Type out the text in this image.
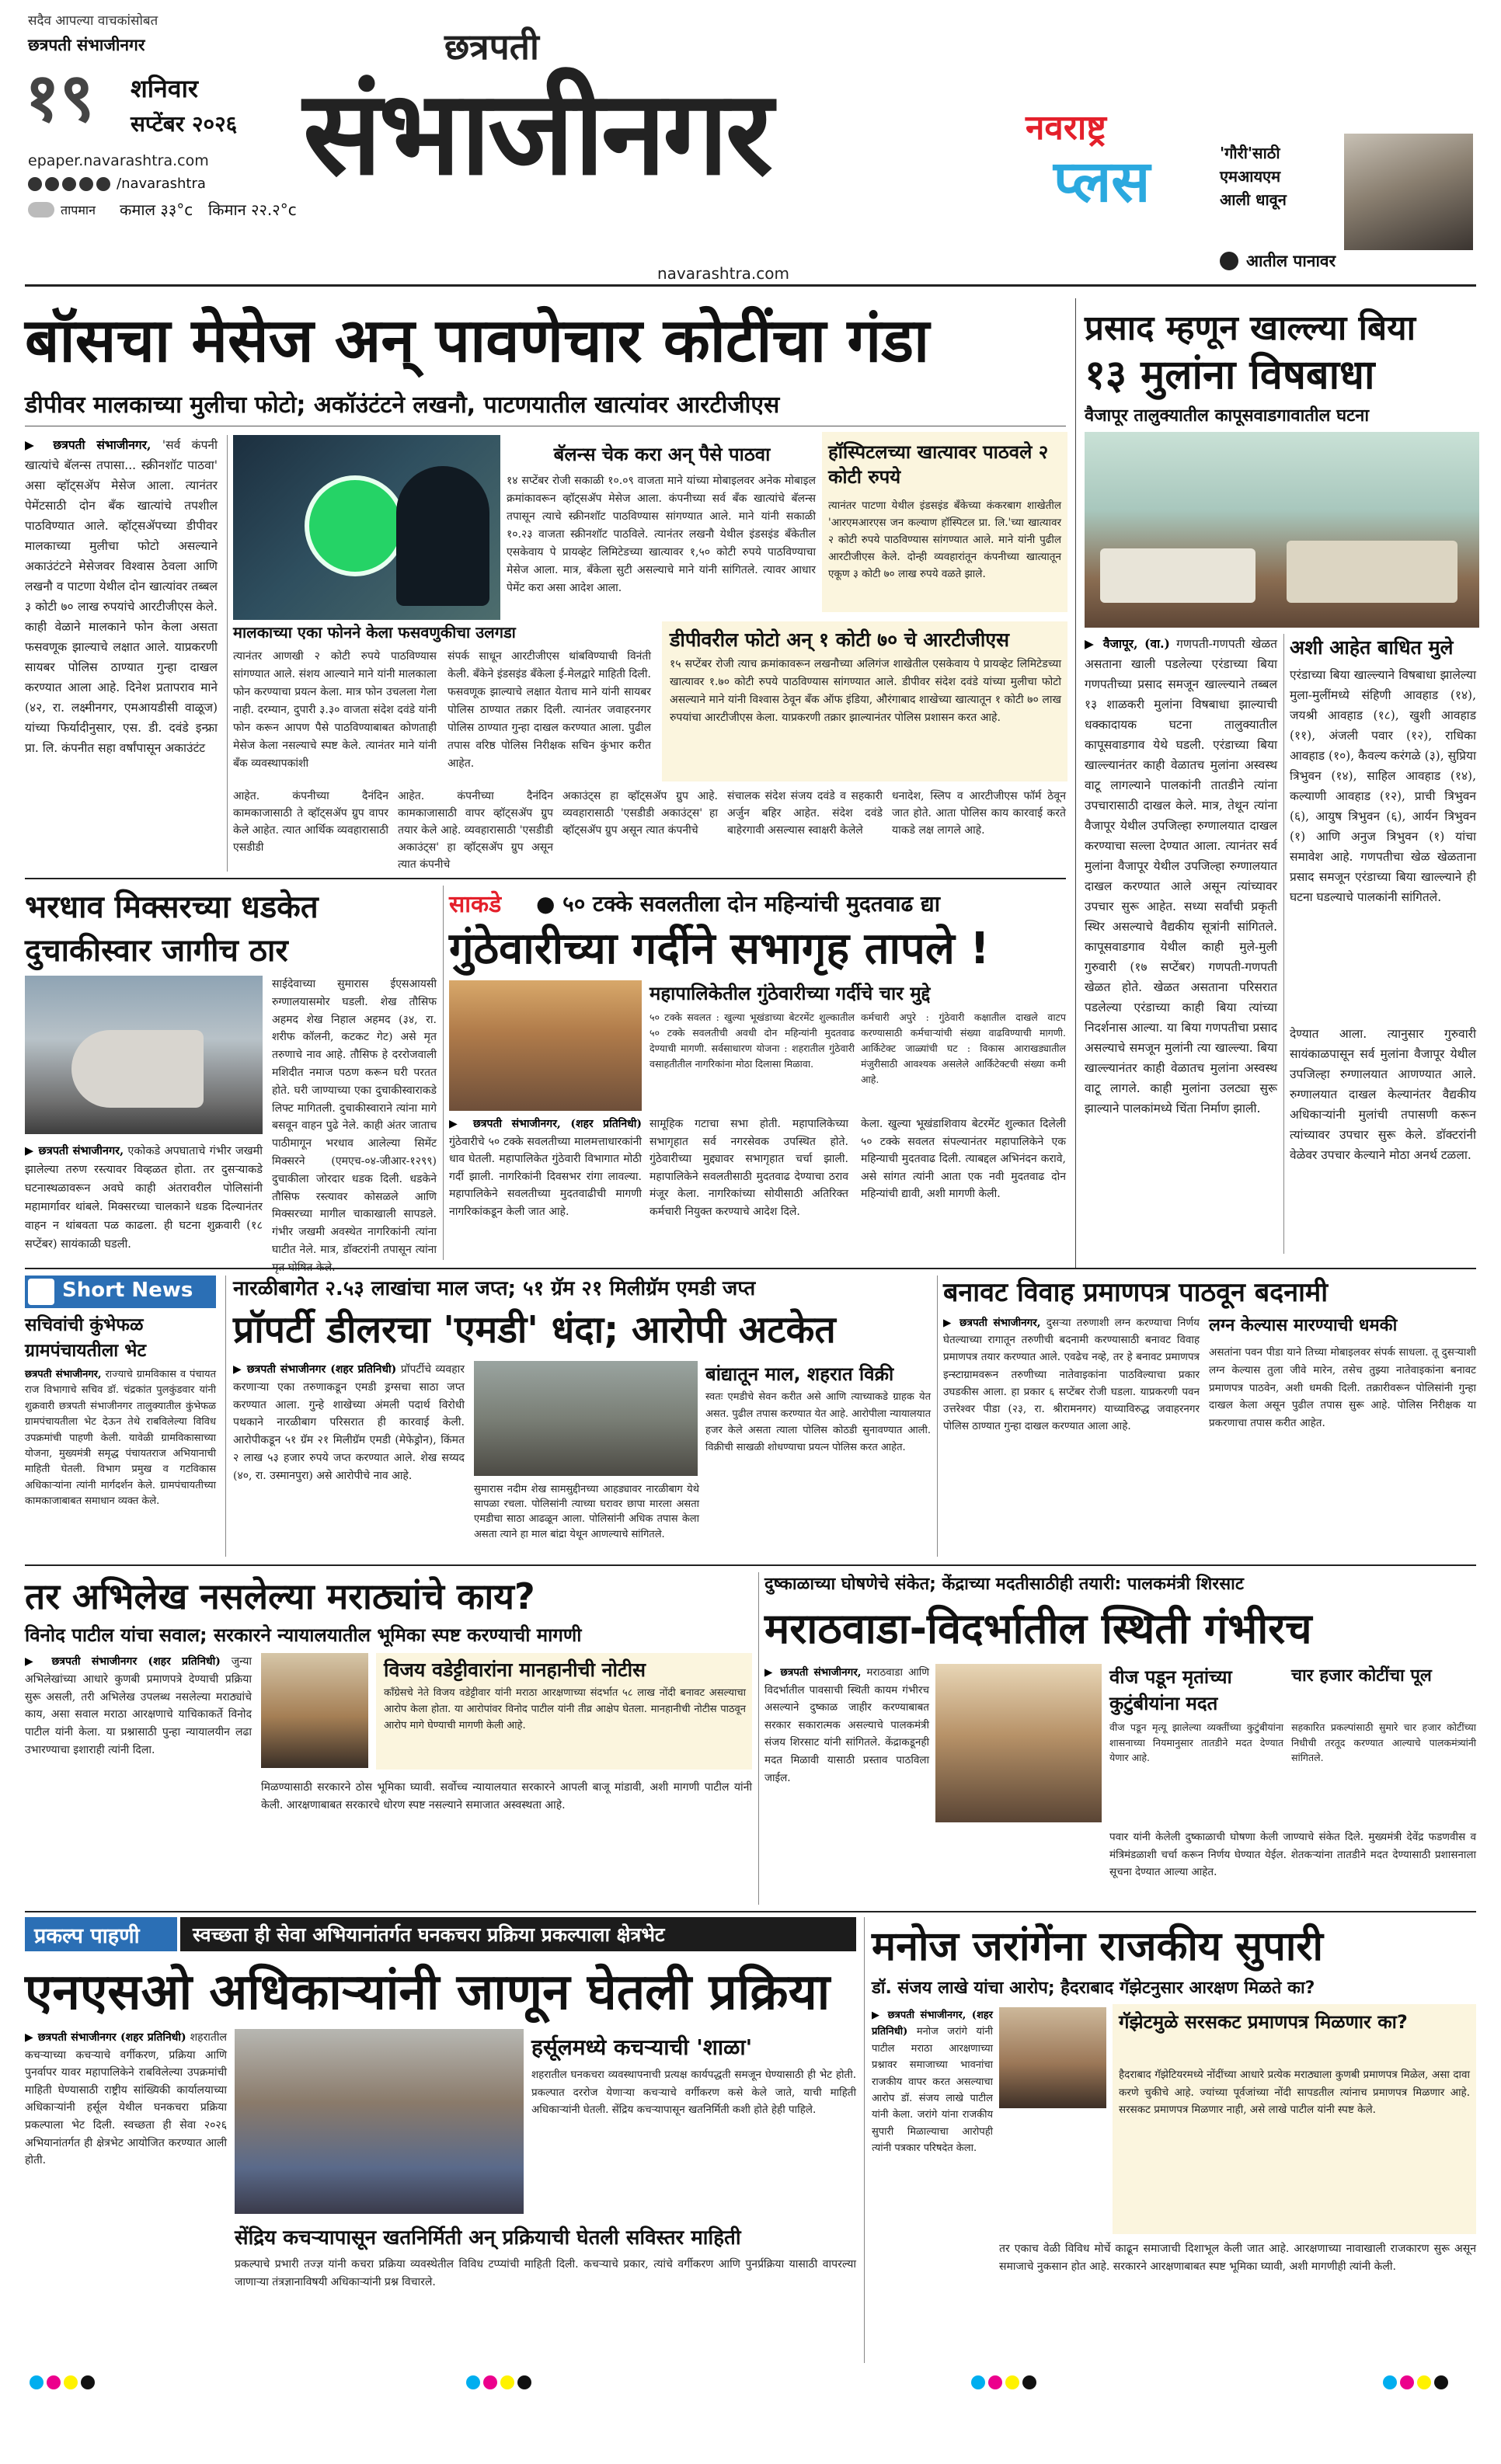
सदैव आपल्या वाचकांसोबत
छत्रपती संभाजीनगर
१९ शनिवार
सप्टेंबर २०२६
epaper.navarashtra.com
/navarashtra
तापमान कमाल ३३°c किमान २२.२°c
छत्रपती
संभाजीनगर
navarashtra.com
नवराष्ट्र
प्लस	'गौरी'साठी एमआयएम आली धावून
आतील पानावर
बॉसचा मेसेज अन् पावणेचार कोटींचा गंडा
डीपीवर मालकाच्या मुलीचा फोटो; अकॉउंटंटने लखनौ, पाटणयातील खात्यांवर आरटीजीएस
▶ छत्रपती संभाजीनगर, 'सर्व कंपनी खात्यांचे बॅलन्स तपासा... स्क्रीनशॉट पाठवा' असा व्हॉट्सॲप मेसेज आला. त्यानंतर पेमेंटसाठी दोन बँक खात्यांचे तपशील पाठविण्यात आले. व्हॉट्सॲपच्या डीपीवर मालकाच्या मुलीचा फोटो असल्याने अकाउंटंटने मेसेजवर विश्वास ठेवला आणि लखनौ व पाटणा येथील दोन खात्यांवर तब्बल ३ कोटी ७० लाख रुपयांचे आरटीजीएस केले. काही वेळाने मालकाने फोन केला असता फसवणूक झाल्याचे लक्षात आले. याप्रकरणी सायबर पोलिस ठाण्यात गुन्हा दाखल करण्यात आला आहे. दिनेश प्रतापराव माने (४२, रा. लक्ष्मीनगर, एमआयडीसी वाळूज) यांच्या फिर्यादीनुसार, एस. डी. दवंडे इन्फ्रा प्रा. लि. कंपनीत सहा वर्षांपासून अकाउंटंट
मालकाच्या एका फोनने केला फसवणुकीचा उलगडा
बॅलन्स चेक करा अन् पैसे पाठवा
१४ सप्टेंबर रोजी सकाळी १०.०९ वाजता माने यांच्या मोबाइलवर अनेक मोबाइल क्रमांकावरून व्हॉट्सॲप मेसेज आला. कंपनीच्या सर्व बँक खात्यांचे बॅलन्स तपासून त्याचे स्क्रीनशॉट पाठविण्यास सांगण्यात आले. माने यांनी सकाळी १०.२३ वाजता स्क्रीनशॉट पाठविले. त्यानंतर लखनौ येथील इंडसइंड बँकेतील एसकेवाय पे प्रायव्हेट लिमिटेडच्या खात्यावर १,५० कोटी रुपये पाठविण्याचा मेसेज आला. मात्र, बँकेला सुटी असल्याचे माने यांनी सांगितले. त्यावर आधार पेमेंट करा असा आदेश आला.
हॉस्पिटलच्या खात्यावर पाठवले २ कोटी रुपये
त्यानंतर पाटणा येथील इंडसइंड बँकेच्या कंकरबाग शाखेतील 'आरएमआरएस जन कल्याण हॉस्पिटल प्रा. लि.'च्या खात्यावर २ कोटी रुपये पाठविण्यास सांगण्यात आले. माने यांनी पुढील आरटीजीएस केले. दोन्ही व्यवहारांतून कंपनीच्या खात्यातून एकूण ३ कोटी ७० लाख रुपये वळते झाले.
त्यानंतर आणखी २ कोटी रुपये पाठविण्यास सांगण्यात आले. संशय आल्याने माने यांनी मालकाला फोन करण्याचा प्रयत्न केला. मात्र फोन उचलला गेला नाही. दरम्यान, दुपारी ३.३० वाजता संदेश दवंडे यांनी फोन करून आपण पैसे पाठविण्याबाबत कोणताही मेसेज केला नसल्याचे स्पष्ट केले. त्यानंतर माने यांनी बँक व्यवस्थापकांशी
संपर्क साधून आरटीजीएस थांबविण्याची विनंती केली. बँकेने इंडसइंड बँकेला ई-मेलद्वारे माहिती दिली. फसवणूक झाल्याचे लक्षात येताच माने यांनी सायबर पोलिस ठाण्यात तक्रार दिली. त्यानंतर जवाहरनगर पोलिस ठाण्यात गुन्हा दाखल करण्यात आला. पुढील तपास वरिष्ठ पोलिस निरीक्षक सचिन कुंभार करीत आहेत.
डीपीवरील फोटो अन् १ कोटी ७० चे आरटीजीएस
१५ सप्टेंबर रोजी त्याच क्रमांकावरून लखनौच्या अलिगंज शाखेतील एसकेवाय पे प्रायव्हेट लिमिटेडच्या खात्यावर १.७० कोटी रुपये पाठविण्यास सांगण्यात आले. डीपीवर संदेश दवंडे यांच्या मुलीचा फोटो असल्याने माने यांनी विश्वास ठेवून बँक ऑफ इंडिया, औरंगाबाद शाखेच्या खात्यातून १ कोटी ७० लाख रुपयांचा आरटीजीएस केला. याप्रकरणी तक्रार झाल्यानंतर पोलिस प्रशासन करत आहे.
आहेत. कंपनीच्या दैनंदिन कामकाजासाठी ते व्हॉट्सॲप ग्रुप वापर केले आहेत. त्यात आर्थिक व्यवहारासाठी एसडीडी
आहेत. कंपनीच्या दैनंदिन कामकाजासाठी वापर व्हॉट्सॲप ग्रुप तयार केले आहे. व्यवहारासाठी 'एसडीडी अकाउंट्स' हा व्हॉट्सॲप ग्रुप असून त्यात कंपनीचे
अकाउंट्स हा व्हॉट्सॲप ग्रुप आहे. व्यवहारासाठी 'एसडीडी अकाउंट्स' हा व्हॉट्सॲप ग्रुप असून त्यात कंपनीचे
संचालक संदेश संजय दवंडे व सहकारी अर्जुन बहिर आहेत. संदेश दवंडे बाहेरगावी असल्यास स्वाक्षरी केलेले
धनादेश, स्लिप व आरटीजीएस फॉर्म ठेवून जात होते. आता पोलिस काय कारवाई करते याकडे लक्ष लागले आहे.
प्रसाद म्हणून खाल्ल्या बिया
१३ मुलांना विषबाधा
वैजापूर तालुक्यातील कापूसवाडगावातील घटना
▶ वैजापूर, (वा.) गणपती-गणपती खेळत असताना खाली पडलेल्या एरंडाच्या बिया गणपतीच्या प्रसाद समजून खाल्ल्याने तब्बल १३ शाळकरी मुलांना विषबाधा झाल्याची धक्कादायक घटना तालुक्यातील कापूसवाडगाव येथे घडली. एरंडाच्या बिया खाल्ल्यानंतर काही वेळातच मुलांना अस्वस्थ वाटू लागल्याने पालकांनी तातडीने त्यांना उपचारासाठी दाखल केले. मात्र, तेथून त्यांना वैजापूर येथील उपजिल्हा रुग्णालयात दाखल करण्याचा सल्ला देण्यात आला. त्यानंतर सर्व मुलांना वैजापूर येथील उपजिल्हा रुग्णालयात दाखल करण्यात आले असून त्यांच्यावर उपचार सुरू आहेत. सध्या सर्वांची प्रकृती स्थिर असल्याचे वैद्यकीय सूत्रांनी सांगितले. कापूसवाडगाव येथील काही मुले-मुली गुरुवारी (१७ सप्टेंबर) गणपती-गणपती खेळत होते. खेळत असताना परिसरात पडलेल्या एरंडाच्या काही बिया त्यांच्या निदर्शनास आल्या. या बिया गणपतीचा प्रसाद असल्याचे समजून मुलांनी त्या खाल्ल्या. बिया खाल्ल्यानंतर काही वेळातच मुलांना अस्वस्थ वाटू लागले. काही मुलांना उलट्या सुरू झाल्याने पालकांमध्ये चिंता निर्माण झाली.
अशी आहेत बाधित मुले
एरंडाच्या बिया खाल्ल्याने विषबाधा झालेल्या मुला-मुलींमध्ये संहिणी आवहाड (१४), जयश्री आवहाड (१८), खुशी आवहाड (११), अंजली पवार (१२), राधिका आवहाड (१०), कैवल्य करंगळे (३), सुप्रिया त्रिभुवन (१४), साहिल आवहाड (१४), कल्याणी आवहाड (१२), प्राची त्रिभुवन (६), आयुष त्रिभुवन (६), आर्यन त्रिभुवन (१) आणि अनुज त्रिभुवन (१) यांचा समावेश आहे. गणपतीचा खेळ खेळताना प्रसाद समजून एरंडाच्या बिया खाल्ल्याने ही घटना घडल्याचे पालकांनी सांगितले.
देण्यात आला. त्यानुसार गुरुवारी सायंकाळपासून सर्व मुलांना वैजापूर येथील उपजिल्हा रुग्णालयात आणण्यात आले. रुग्णालयात दाखल केल्यानंतर वैद्यकीय अधिकाऱ्यांनी मुलांची तपासणी करून त्यांच्यावर उपचार सुरू केले. डॉक्टरांनी वेळेवर उपचार केल्याने मोठा अनर्थ टळला.
भरधाव मिक्सरच्या धडकेत
दुचाकीस्वार जागीच ठार
▶ छत्रपती संभाजीनगर, एकोकडे अपघाताचे गंभीर जखमी झालेल्या तरुण रस्त्यावर विव्हळत होता. तर दुसऱ्याकडे घटनास्थळावरून अवघे काही अंतरावरील पोलिसांनी महामार्गावर थांबले. मिक्सरच्या चालकाने धडक दिल्यानंतर वाहन न थांबवता पळ काढला. ही घटना शुक्रवारी (१८ सप्टेंबर) सायंकाळी घडली.
साईदेवाच्या सुमारास ईएसआयसी रुग्णालयासमोर घडली. शेख तौसिफ अहमद शेख निहाल अहमद (३४, रा. शरीफ कॉलनी, कटकट गेट) असे मृत तरुणाचे नाव आहे. तौसिफ हे दररोजवाली मशिदीत नमाज पठण करून घरी परतत होते. घरी जाण्याच्या एका दुचाकीस्वाराकडे लिफ्ट मागितली. दुचाकीस्वाराने त्यांना मागे बसवून वाहन पुढे नेले. काही अंतर जाताच पाठीमागून भरधाव आलेल्या सिमेंट मिक्सरने (एमएच-०४-जीआर-१२९९) दुचाकीला जोरदार धडक दिली. धडकेने तौसिफ रस्त्यावर कोसळले आणि मिक्सरच्या मागील चाकाखाली सापडले. गंभीर जखमी अवस्थेत नागरिकांनी त्यांना घाटीत नेले. मात्र, डॉक्टरांनी तपासून त्यांना
साकडे ● ५० टक्के सवलतीला दोन महिन्यांची मुदतवाढ द्या
गुंठेवारीच्या गर्दीने सभागृह तापले !
महापालिकेतील गुंठेवारीच्या गर्दीचे चार मुद्दे
५० टक्के सवलत : खुल्या भूखंडाच्या बेटरमेंट शुल्कातील ५० टक्के सवलतीची अवधी दोन महिन्यांनी मुदतवाढ देण्याची मागणी. सर्वसाधारण योजना : शहरातील गुंठेवारी वसाहतीतील नागरिकांना मोठा दिलासा मिळावा.
कर्मचारी अपुरे : गुंठेवारी कक्षातील दाखले वाटप करण्यासाठी कर्मचाऱ्यांची संख्या वाढविण्याची मागणी. आर्किटेक्ट जाळ्यांची घट : विकास आराखड्यातील मंजुरीसाठी आवश्यक असलेले आर्किटेक्टची संख्या कमी आहे.
▶ छत्रपती संभाजीनगर, (शहर प्रतिनिधी) गुंठेवारीचे ५० टक्के सवलतीच्या मालमत्ताधारकांनी धाव घेतली. महापालिकेत गुंठेवारी विभागात मोठी गर्दी झाली. नागरिकांनी दिवसभर रांगा लावल्या. महापालिकेने सवलतीच्या मुदतवाढीची मागणी नागरिकांकडून केली जात आहे.
सामूहिक गटाचा सभा होती. महापालिकेच्या सभागृहात सर्व नगरसेवक उपस्थित होते. गुंठेवारीच्या मुद्द्यावर सभागृहात चर्चा झाली. महापालिकेने सवलतीसाठी मुदतवाढ देण्याचा ठराव मंजूर केला. नागरिकांच्या सोयीसाठी अतिरिक्त कर्मचारी नियुक्त करण्याचे आदेश दिले.
केला. खुल्या भूखंडाशिवाय बेटरमेंट शुल्कात दिलेली ५० टक्के सवलत संपल्यानंतर महापालिकेने एक महिन्याची मुदतवाढ दिली. त्याबद्दल अभिनंदन करावे, असे सांगत त्यांनी आता एक नवी मुदतवाढ दोन महिन्यांची द्यावी, अशी मागणी केली.
Short News
सचिवांची कुंभेफळ ग्रामपंचायतीला भेट
छत्रपती संभाजीनगर, राज्याचे ग्रामविकास व पंचायत राज विभागाचे सचिव डॉ. चंद्रकांत पुलकुंडवार यांनी शुक्रवारी छत्रपती संभाजीनगर तालुक्यातील कुंभेफळ ग्रामपंचायतीला भेट देऊन तेथे राबविलेल्या विविध उपक्रमांची पाहणी केली. यावेळी ग्रामविकासाच्या योजना, मुख्यमंत्री समृद्ध पंचायतराज अभियानाची माहिती घेतली. विभाग प्रमुख व गटविकास अधिकाऱ्यांना त्यांनी मार्गदर्शन केले. ग्रामपंचायतीच्या कामकाजाबाबत समाधान व्यक्त केले.
नारळीबागेत २.५३ लाखांचा माल जप्त; ५१ ग्रॅम २१ मिलीग्रॅम एमडी जप्त
प्रॉपर्टी डीलरचा 'एमडी' धंदा; आरोपी अटकेत
▶ छत्रपती संभाजीनगर (शहर प्रतिनिधी) प्रॉपर्टीचे व्यवहार करणाऱ्या एका तरुणाकडून एमडी ड्रग्सचा साठा जप्त करण्यात आला. गुन्हे शाखेच्या अंमली पदार्थ विरोधी पथकाने नारळीबाग परिसरात ही कारवाई केली. आरोपीकडून ५१ ग्रॅम २१ मिलीग्रॅम एमडी (मेफेड्रोन), किंमत २ लाख ५३ हजार रुपये जप्त करण्यात आले. शेख सय्यद (४०, रा. उस्मानपुरा) असे आरोपीचे नाव आहे.
बांद्यातून माल, शहरात विक्री
सुमारास नदीम शेख सामसुद्दीनच्या आहड्यावर नारळीबाग येथे सापळा रचला. पोलिसांनी त्याच्या घरावर छापा मारला असता एमडीचा साठा आढळून आला. पोलिसांनी अधिक तपास केला असता त्याने हा माल बांद्रा येथून आणल्याचे सांगितले.
स्वतः एमडीचे सेवन करीत असे आणि त्याच्याकडे ग्राहक येत असत. पुढील तपास करण्यात येत आहे. आरोपीला न्यायालयात हजर केले असता त्याला पोलिस कोठडी सुनावण्यात आली. विक्रीची साखळी शोधण्याचा प्रयत्न पोलिस करत आहेत.
बनावट विवाह प्रमाणपत्र पाठवून बदनामी
▶ छत्रपती संभाजीनगर, दुसऱ्या तरुणाशी लग्न करण्याचा निर्णय घेतल्याच्या रागातून तरुणीची बदनामी करण्यासाठी बनावट विवाह प्रमाणपत्र तयार करण्यात आले. एवढेच नव्हे, तर हे बनावट प्रमाणपत्र इन्स्टाग्रामवरून तरुणीच्या नातेवाइकांना पाठविल्याचा प्रकार उघडकीस आला. हा प्रकार ६ सप्टेंबर रोजी घडला. याप्रकरणी पवन उत्तरेश्वर पीडा (२३, रा. श्रीरामनगर) याच्याविरुद्ध जवाहरनगर पोलिस ठाण्यात गुन्हा दाखल करण्यात आला आहे.
लग्न केल्यास मारण्याची धमकी
असतांना पवन पीडा याने तिच्या मोबाइलवर संपर्क साधला. तू दुसऱ्याशी लग्न केल्यास तुला जीवे मारेन, तसेच तुझ्या नातेवाइकांना बनावट प्रमाणपत्र पाठवेन, अशी धमकी दिली. तक्रारीवरून पोलिसांनी गुन्हा दाखल केला असून पुढील तपास सुरू आहे. पोलिस निरीक्षक या प्रकरणाचा तपास करीत आहेत.
तर अभिलेख नसलेल्या मराठ्यांचे काय?
विनोद पाटील यांचा सवाल; सरकारने न्यायालयातील भूमिका स्पष्ट करण्याची मागणी
▶ छत्रपती संभाजीनगर (शहर प्रतिनिधी) जुन्या अभिलेखांच्या आधारे कुणबी प्रमाणपत्रे देण्याची प्रक्रिया सुरू असली, तरी अभिलेख उपलब्ध नसलेल्या मराठ्यांचे काय, असा सवाल मराठा आरक्षणाचे याचिकाकर्ते विनोद पाटील यांनी केला. या प्रश्नासाठी पुन्हा न्यायालयीन लढा उभारण्याचा इशाराही त्यांनी दिला.
विजय वडेट्टीवारांना मानहानीची नोटीस
काँग्रेसचे नेते विजय वडेट्टीवार यांनी मराठा आरक्षणाच्या संदर्भात ५८ लाख नोंदी बनावट असल्याचा आरोप केला होता. या आरोपांवर विनोद पाटील यांनी तीव्र आक्षेप घेतला. मानहानीची नोटीस पाठवून आरोप मागे घेण्याची मागणी केली आहे.
मिळण्यासाठी सरकारने ठोस भूमिका घ्यावी. सर्वोच्च न्यायालयात सरकारने आपली बाजू मांडावी, अशी मागणी पाटील यांनी केली. आरक्षणाबाबत सरकारचे धोरण स्पष्ट नसल्याने समाजात अस्वस्थता आहे.
दुष्काळाच्या घोषणेचे संकेत; केंद्राच्या मदतीसाठीही तयारी: पालकमंत्री शिरसाट
मराठवाडा-विदर्भातील स्थिती गंभीरच
▶ छत्रपती संभाजीनगर, मराठवाडा आणि विदर्भातील पावसाची स्थिती कायम गंभीरच असल्याने दुष्काळ जाहीर करण्याबाबत सरकार सकारात्मक असल्याचे पालकमंत्री संजय शिरसाट यांनी सांगितले. केंद्राकडूनही मदत मिळावी यासाठी प्रस्ताव पाठविला जाईल.
वीज पडून मृतांच्या कुटुंबीयांना मदत
वीज पडून मृत्यू झालेल्या व्यक्तींच्या कुटुंबीयांना शासनाच्या नियमानुसार तातडीने मदत देण्यात येणार आहे.
चार हजार कोटींचा पूल
सहकारित प्रकल्पांसाठी सुमारे चार हजार कोटींच्या निधीची तरतूद करण्यात आल्याचे पालकमंत्र्यांनी सांगितले.
पवार यांनी केलेली दुष्काळाची घोषणा केली जाण्याचे संकेत दिले. मुख्यमंत्री देवेंद्र फडणवीस व मंत्रिमंडळाशी चर्चा करून निर्णय घेण्यात येईल. शेतकऱ्यांना तातडीने मदत देण्यासाठी प्रशासनाला सूचना देण्यात आल्या आहेत.
प्रकल्प पाहणी	स्वच्छता ही सेवा अभियानांतर्गत घनकचरा प्रक्रिया प्रकल्पाला क्षेत्रभेट
एनएसओ अधिकाऱ्यांनी जाणून घेतली प्रक्रिया
▶ छत्रपती संभाजीनगर (शहर प्रतिनिधी) शहरातील कचऱ्याच्या कचऱ्याचे वर्गीकरण, प्रक्रिया आणि पुनर्वापर यावर महापालिकेने राबविलेल्या उपक्रमांची माहिती घेण्यासाठी राष्ट्रीय सांख्यिकी कार्यालयाच्या अधिकाऱ्यांनी हर्सूल येथील घनकचरा प्रक्रिया प्रकल्पाला भेट दिली. स्वच्छता ही सेवा २०२६ अभियानांतर्गत ही क्षेत्रभेट आयोजित करण्यात आली होती.
हर्सूलमध्ये कचऱ्याची 'शाळा'
शहरातील घनकचरा व्यवस्थापनाची प्रत्यक्ष कार्यपद्धती समजून घेण्यासाठी ही भेट होती. प्रकल्पात दररोज येणाऱ्या कचऱ्याचे वर्गीकरण कसे केले जाते, याची माहिती अधिकाऱ्यांनी घेतली. सेंद्रिय कचऱ्यापासून खतनिर्मिती कशी होते हेही पाहिले.
सेंद्रिय कचऱ्यापासून खतनिर्मिती अन् प्रक्रियाची घेतली सविस्तर माहिती
प्रकल्पाचे प्रभारी तज्ज्ञ यांनी कचरा प्रक्रिया व्यवस्थेतील विविध टप्प्यांची माहिती दिली. कचऱ्याचे प्रकार, त्यांचे वर्गीकरण आणि पुनर्प्रक्रिया यासाठी वापरल्या जाणाऱ्या तंत्रज्ञानाविषयी अधिकाऱ्यांनी प्रश्न विचारले.
मनोज जरांगेंना राजकीय सुपारी
डॉ. संजय लाखे यांचा आरोप; हैदराबाद गॅझेटनुसार आरक्षण मिळते का?
▶ छत्रपती संभाजीनगर, (शहर प्रतिनिधी) मनोज जरांगे यांनी पाटील मराठा आरक्षणाच्या प्रश्नावर समाजाच्या भावनांचा राजकीय वापर करत असल्याचा आरोप डॉ. संजय लाखे पाटील यांनी केला. जरांगे यांना राजकीय सुपारी मिळाल्याचा आरोपही त्यांनी पत्रकार परिषदेत केला.
गॅझेटमुळे सरसकट प्रमाणपत्र मिळणार का?
हैदराबाद गॅझेटियरमध्ये नोंदींच्या आधारे प्रत्येक मराठ्याला कुणबी प्रमाणपत्र मिळेल, असा दावा करणे चुकीचे आहे. ज्यांच्या पूर्वजांच्या नोंदी सापडतील त्यांनाच प्रमाणपत्र मिळणार आहे. सरसकट प्रमाणपत्र मिळणार नाही, असे लाखे पाटील यांनी स्पष्ट केले.
तर एकाच वेळी विविध मोर्चे काढून समाजाची दिशाभूल केली जात आहे. आरक्षणाच्या नावाखाली राजकारण सुरू असून समाजाचे नुकसान होत आहे. सरकारने आरक्षणाबाबत स्पष्ट भूमिका घ्यावी, अशी मागणीही त्यांनी केली.
